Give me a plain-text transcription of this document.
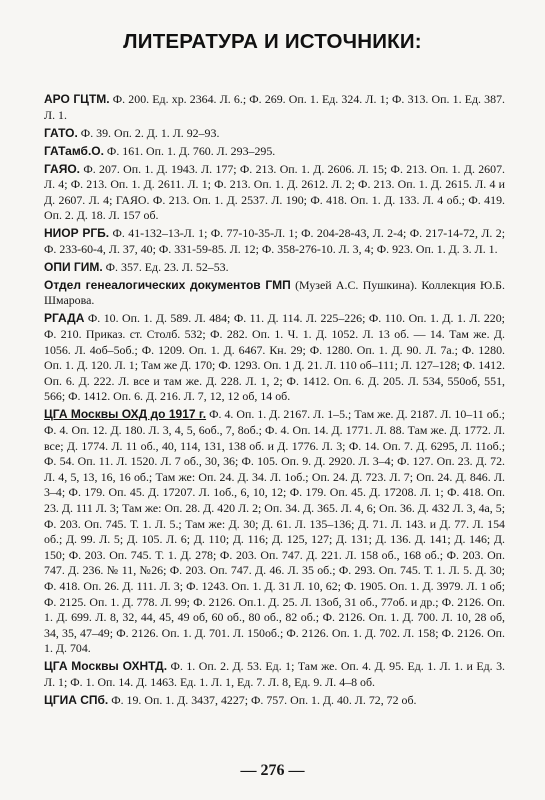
ЛИТЕРАТУРА И ИСТОЧНИКИ:

АРО ГЦТМ. Ф. 200. Ед. хр. 2364. Л. 6.; Ф. 269. Оп. 1. Ед. 324. Л. 1; Ф. 313. Оп. 1. Ед. 387. Л. 1.

ГАТО. Ф. 39. Оп. 2. Д. 1. Л. 92–93.

ГАТамб.О. Ф. 161. Оп. 1. Д. 760. Л. 293–295.

ГАЯО. Ф. 207. Оп. 1. Д. 1943. Л. 177; Ф. 213. Оп. 1. Д. 2606. Л. 15; Ф. 213. Оп. 1. Д. 2607. Л. 4; Ф. 213. Оп. 1. Д. 2611. Л. 1; Ф. 213. Оп. 1. Д. 2612. Л. 2; Ф. 213. Оп. 1. Д. 2615. Л. 4 и Д. 2607. Л. 4; ГАЯО. Ф. 213. Оп. 1. Д. 2537. Л. 190; Ф. 418. Оп. 1. Д. 133. Л. 4 об.; Ф. 419. Оп. 2. Д. 18. Л. 157 об.

НИОР РГБ. Ф. 41-132–13-Л. 1; Ф. 77-10-35-Л. 1; Ф. 204-28-43, Л. 2-4; Ф. 217-14-72, Л. 2; Ф. 233-60-4, Л. 37, 40; Ф. 331-59-85. Л. 12; Ф. 358-276-10. Л. 3, 4; Ф. 923. Оп. 1. Д. 3. Л. 1.

ОПИ ГИМ. Ф. 357. Ед. 23. Л. 52–53.

Отдел генеалогических документов ГМП (Музей А.С. Пушкина). Коллекция Ю.Б. Шмарова.

РГАДА Ф. 10. Оп. 1. Д. 589. Л. 484; Ф. 11. Д. 114. Л. 225–226; Ф. 110. Оп. 1. Д. 1. Л. 220; Ф. 210. Приказ. ст. Столб. 532; Ф. 282. Оп. 1. Ч. 1. Д. 1052. Л. 13 об. — 14. Там же. Д. 1056. Л. 4об–5об.; Ф. 1209. Оп. 1. Д. 6467. Кн. 29; Ф. 1280. Оп. 1. Д. 90. Л. 7а.; Ф. 1280. Оп. 1. Д. 120. Л. 1; Там же Д. 170; Ф. 1293. Оп. 1 Д. 21. Л. 110 об–111; Л. 127–128; Ф. 1412. Оп. 6. Д. 222. Л. все и там же. Д. 228. Л. 1, 2; Ф. 1412. Оп. 6. Д. 205. Л. 534, 550об, 551, 566; Ф. 1412. Оп. 6. Д. 216. Л. 7, 12, 12 об, 14 об.

ЦГА Москвы ОХД до 1917 г. Ф. 4. Оп. 1. Д. 2167. Л. 1–5.; Там же. Д. 2187. Л. 10–11 об.; Ф. 4. Оп. 12. Д. 180. Л. 3, 4, 5, 6об., 7, 8об.; Ф. 4. Оп. 14. Д. 1771. Л. 88. Там же. Д. 1772. Л. все; Д. 1774. Л. 11 об., 40, 114, 131, 138 об. и Д. 1776. Л. 3; Ф. 14. Оп. 7. Д. 6295, Л. 11об.; Ф. 54. Оп. 11. Л. 1520. Л. 7 об., 30, 36; Ф. 105. Оп. 9. Д. 2920. Л. 3–4; Ф. 127. Оп. 23. Д. 72. Л. 4, 5, 13, 16, 16 об.; Там же: Оп. 24. Д. 34. Л. 1об.; Оп. 24. Д. 723. Л. 7; Оп. 24. Д. 846. Л. 3–4; Ф. 179. Оп. 45. Д. 17207. Л. 1об., 6, 10, 12; Ф. 179. Оп. 45. Д. 17208. Л. 1; Ф. 418. Оп. 23. Д. 111 Л. 3; Там же: Оп. 28. Д. 420 Л. 2; Оп. 34. Д. 365. Л. 4, 6; Оп. 36. Д. 432 Л. 3, 4а, 5; Ф. 203. Оп. 745. Т. 1. Л. 5.; Там же: Д. 30; Д. 61. Л. 135–136; Д. 71. Л. 143. и Д. 77. Л. 154 об.; Д. 99. Л. 5; Д. 105. Л. 6; Д. 110; Д. 116; Д. 125, 127; Д. 131; Д. 136. Д. 141; Д. 146; Д. 150; Ф. 203. Оп. 745. Т. 1. Д. 278; Ф. 203. Оп. 747. Д. 221. Л. 158 об., 168 об.; Ф. 203. Оп. 747. Д. 236. № 11, №26; Ф. 203. Оп. 747. Д. 46. Л. 35 об.; Ф. 293. Оп. 745. Т. 1. Л. 5. Д. 30; Ф. 418. Оп. 26. Д. 111. Л. 3; Ф. 1243. Оп. 1. Д. 31 Л. 10, 62; Ф. 1905. Оп. 1. Д. 3979. Л. 1 об; Ф. 2125. Оп. 1. Д. 778. Л. 99; Ф. 2126. Оп.1. Д. 25. Л. 13об, 31 об., 77об. и др.; Ф. 2126. Оп. 1. Д. 699. Л. 8, 32, 44, 45, 49 об, 60 об., 80 об., 82 об.; Ф. 2126. Оп. 1. Д. 700. Л. 10, 28 об, 34, 35, 47–49; Ф. 2126. Оп. 1. Д. 701. Л. 150об.; Ф. 2126. Оп. 1. Д. 702. Л. 158; Ф. 2126. Оп. 1. Д. 704.

ЦГА Москвы ОХНТД. Ф. 1. Оп. 2. Д. 53. Ед. 1; Там же. Оп. 4. Д. 95. Ед. 1. Л. 1. и Ед. 3. Л. 1; Ф. 1. Оп. 14. Д. 1463. Ед. 1. Л. 1, Ед. 7. Л. 8, Ед. 9. Л. 4–8 об.

ЦГИА СПб. Ф. 19. Оп. 1. Д. 3437, 4227; Ф. 757. Оп. 1. Д. 40. Л. 72, 72 об.

— 276 —
